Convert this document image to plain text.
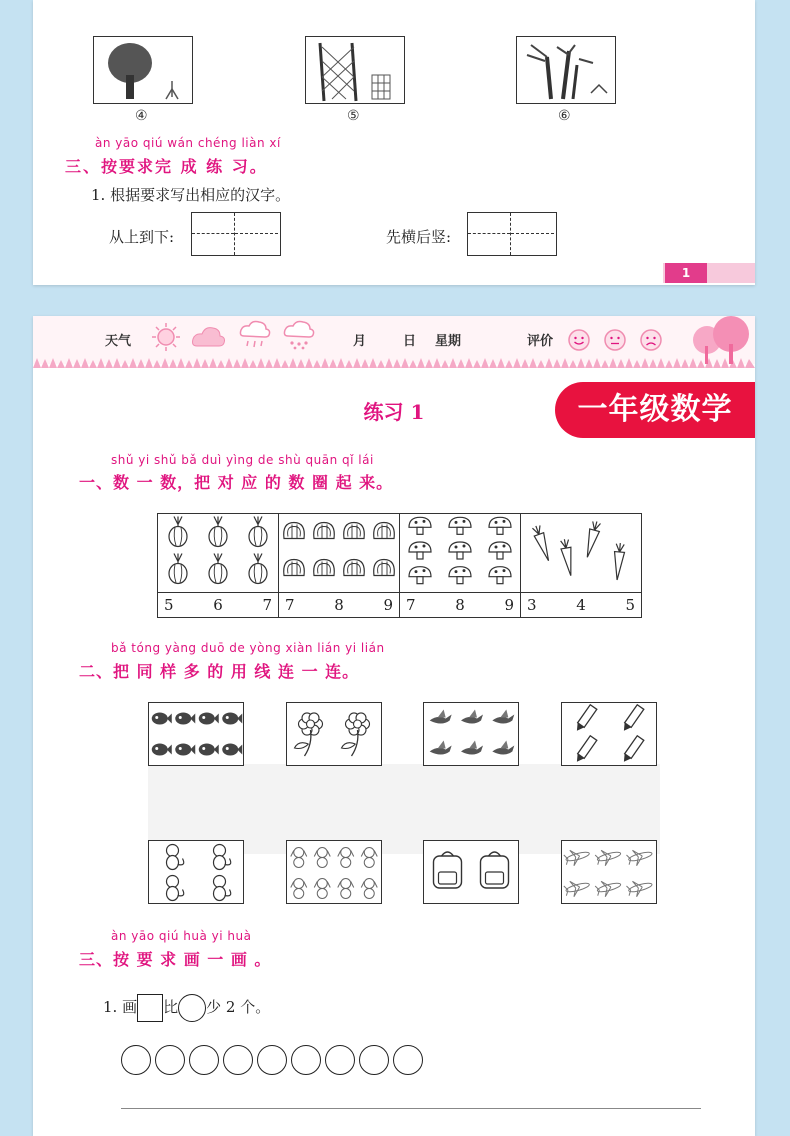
④	⑤	⑥
àn yāo qiú wán chéng liàn xí
三、按要求完 成 练 习。
1. 根据要求写出相应的汉字。
从上到下:	先横后竖:
1
天气	月	日 星期	评价
练习 1	一年级数学
shǔ yi shǔ bǎ duì yìng de shù quān qǐ lái
一、数 一 数，把 对 应 的 数 圈 起 来。

5 6 7	7 8 9	7 8 9	3 4 5
bǎ tóng yàng duō de yòng xiàn lián yi lián
二、把 同 样 多 的 用 线 连 一 连。
àn yāo qiú huà yi huà
三、按 要 求 画 一 画 。
1. 画 比 少 2 个。
